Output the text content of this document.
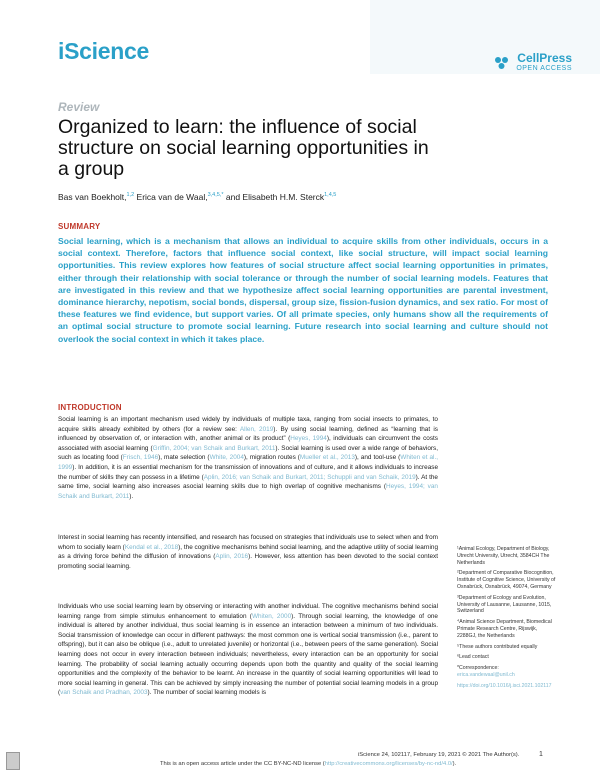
iScience	CellPress
OPEN ACCESS
Review
Organized to learn: the influence of social structure on social learning opportunities in a group
Bas van Boekholt,$^{1,2}$ Erica van de Waal,$^{3,4,5,*}$ and Elisabeth H.M. Sterck$^{1,4,5}$
SUMMARY

Social learning, which is a mechanism that allows an individual to acquire skills from other individuals, occurs in a social context. Therefore, factors that influence social context, like social structure, will impact social learning opportunities. This review explores how features of social structure affect social learning opportunities in primates, either through their relationship with social tolerance or through the number of social learning models. Features that are investigated in this review and that we hypothesize affect social learning opportunities are parental investment, dominance hierarchy, nepotism, social bonds, dispersal, group size, fission-fusion dynamics, and sex ratio. For most of these features we find evidence, but support varies. Of all primate species, only humans show all the requirements of an optimal social structure to promote social learning. Future research into social learning and culture should not overlook the social context in which it takes place.

INTRODUCTION

Social learning is an important mechanism used widely by individuals of multiple taxa, ranging from social insects to primates, to acquire skills already exhibited by others (for a review see: Allen, 2019). By using social learning, defined as “learning that is influenced by observation of, or interaction with, another animal or its product” (Heyes, 1994), individuals can circumvent the costs associated with asocial learning (Griffin, 2004; van Schaik and Burkart, 2011). Social learning is used over a wide range of behaviors, such as locating food (Frisch, 1946), mate selection (White, 2004), migration routes (Mueller et al., 2013), and tool-use (Whiten et al., 1999). In addition, it is an essential mechanism for the transmission of innovations and of culture, and it allows individuals to increase the number of skills they can possess in a lifetime (Aplin, 2016; van Schaik and Burkart, 2011; Schuppli and van Schaik, 2019). At the same time, social learning also increases asocial learning skills due to high overlap of cognitive mechanisms (Heyes, 1994; van Schaik and Burkart, 2011).

Interest in social learning has recently intensified, and research has focused on strategies that individuals use to select when and from whom to socially learn (Kendal et al., 2018), the cognitive mechanisms behind social learning, and the adaptive utility of social learning as a driving force behind the diffusion of innovations (Aplin, 2016). However, less attention has been devoted to the social context promoting social learning.

Individuals who use social learning learn by observing or interacting with another individual. The cognitive mechanisms behind social learning range from simple stimulus enhancement to emulation (Whiten, 2000). Through social learning, the knowledge of one individual is altered by another individual, thus social learning is in essence an interaction between a minimum of two individuals. Social transmission of knowledge can occur in different pathways: the most common one is vertical social transmission (i.e., parent to offspring), but it can also be oblique (i.e., adult to unrelated juvenile) or horizontal (i.e., between peers of the same generation). Social learning does not occur in every interaction between individuals; nevertheless, every interaction can be an opportunity for social learning. The probability of social learning actually occurring depends upon both the quantity and quality of the social learning opportunities and the complexity of the behavior to be learnt. An increase in the quantity of social learning opportunities will lead to more social learning in general. This can be achieved by simply increasing the number of potential social learning models in a group (van Schaik and Pradhan, 2003). The number of social learning models is

¹Animal Ecology, Department of Biology, Utrecht University, Utrecht, 3584CH The Netherlands

²Department of Comparative Biocognition, Institute of Cognitive Science, University of Osnabrück, Osnabrück, 49074, Germany

³Department of Ecology and Evolution, University of Lausanne, Lausanne, 1015, Switzerland

⁴Animal Science Department, Biomedical Primate Research Centre, Rijswijk, 2288GJ, the Netherlands

⁵These authors contributed equally

⁶Lead contact

*Correspondence:

erica.vandewaal@unil.ch

https://doi.org/10.1016/j.isci.2021.102117

iScience 24, 102117, February 19, 2021 © 2021 The Author(s).	1
This is an open access article under the CC BY-NC-ND license (http://creativecommons.org/licenses/by-nc-nd/4.0/).
